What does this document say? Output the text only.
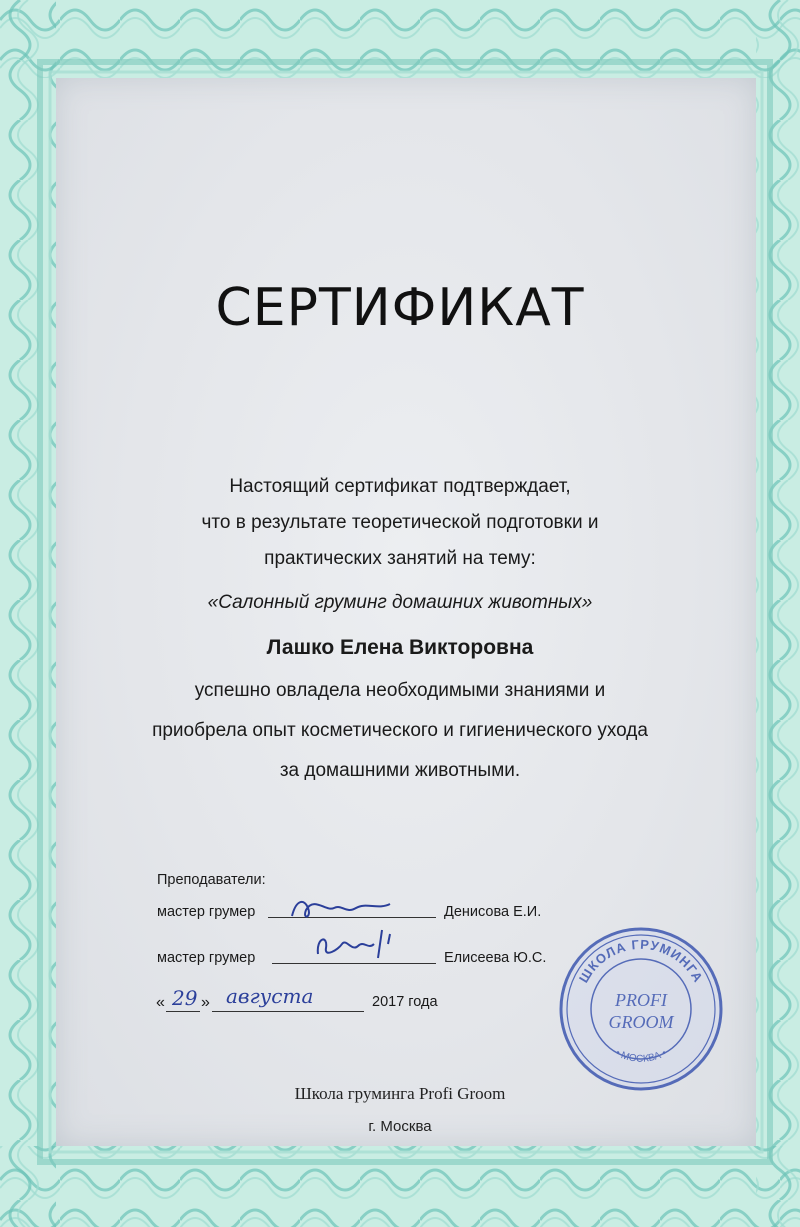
СЕРТИФИКАТ
Настоящий сертификат подтверждает,
что в результате теоретической подготовки и
практических занятий на тему:
«Салонный груминг домашних животных»
Лашко Елена Викторовна
успешно овладела необходимыми знаниями и
приобрела опыт косметического и гигиенического ухода
за домашними животными.
Преподаватели:
мастер грумер	Денисова Е.И.
мастер грумер	Елисеева Ю.С.
« 29 » августа	2017 года
Школа груминга Profi Groom
г. Москва
ШКОЛА ГРУМИНГА
• МОСКВА •
PROFI
GROOM
